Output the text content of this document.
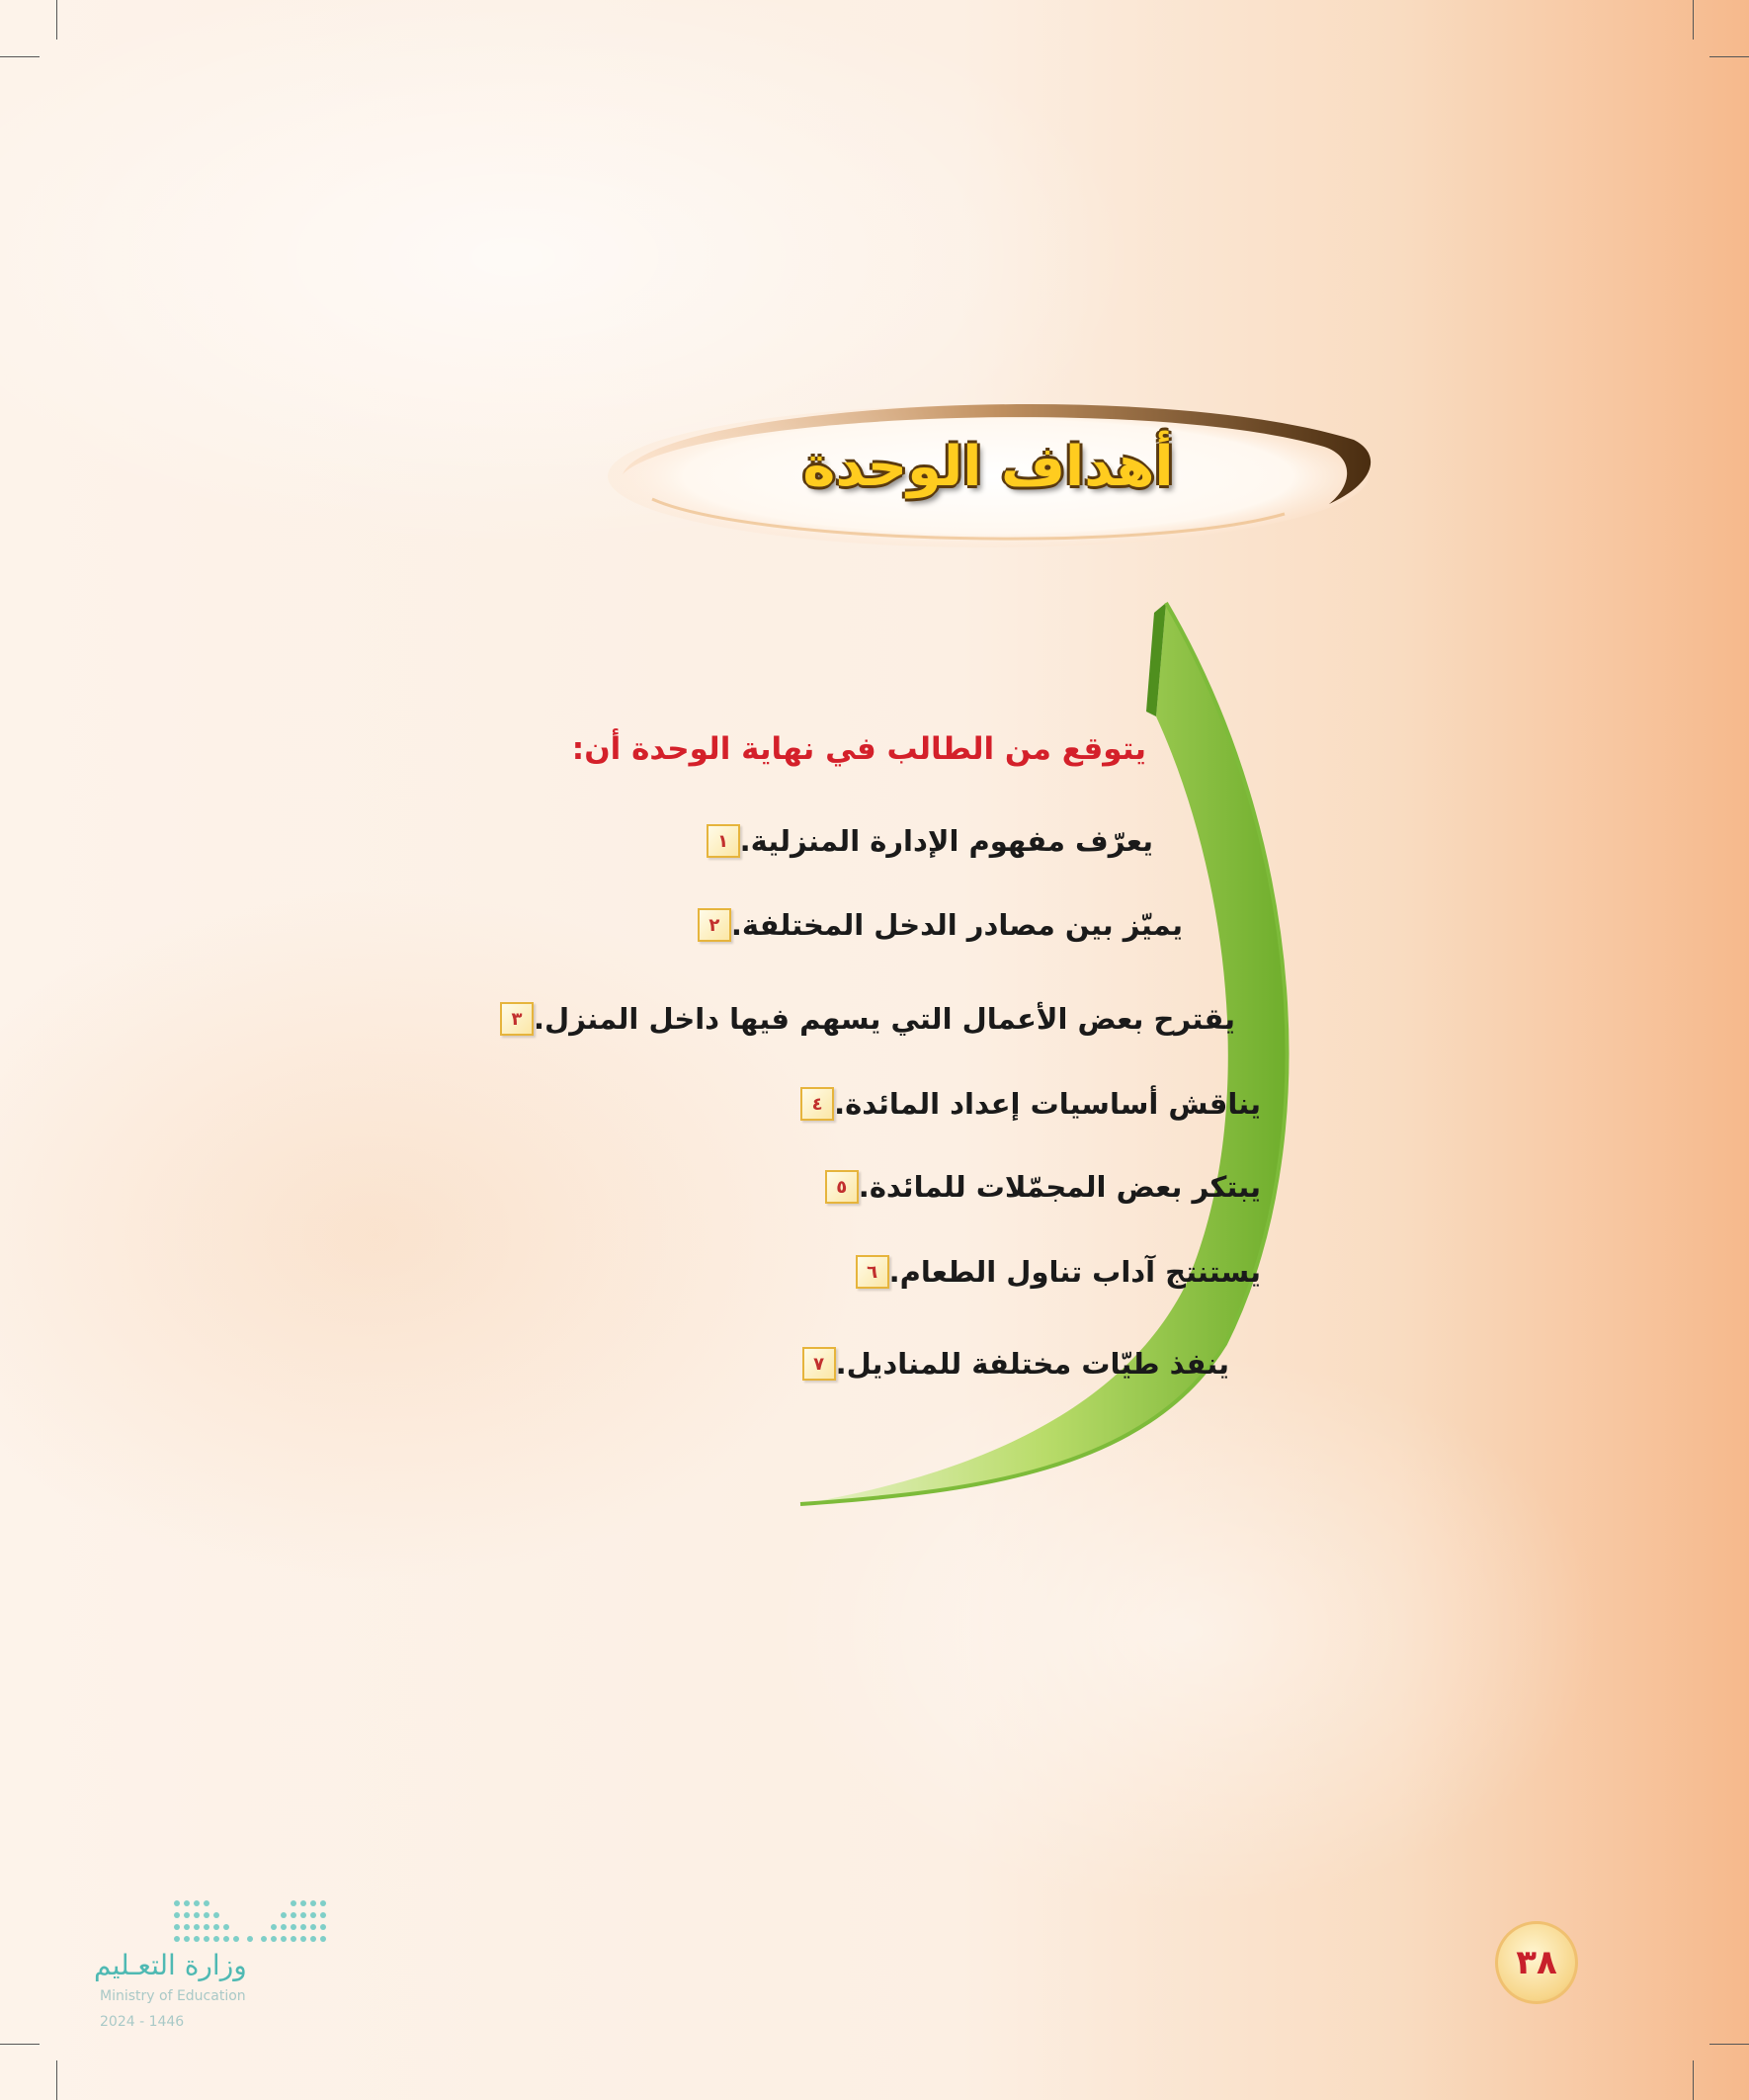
أهداف الوحدة
يتوقع من الطالب في نهاية الوحدة أن:
١ يعرّف مفهوم الإدارة المنزلية.
٢ يميّز بين مصادر الدخل المختلفة.
٣ يقترح بعض الأعمال التي يسهم فيها داخل المنزل.
٤ يناقش أساسيات إعداد المائدة.
٥ يبتكر بعض المجمّلات للمائدة.
٦ يستنتج آداب تناول الطعام.
٧ ينفذ طيّات مختلفة للمناديل.
وزارة التعـليم
Ministry of Education
2024 - 1446
٣٨
